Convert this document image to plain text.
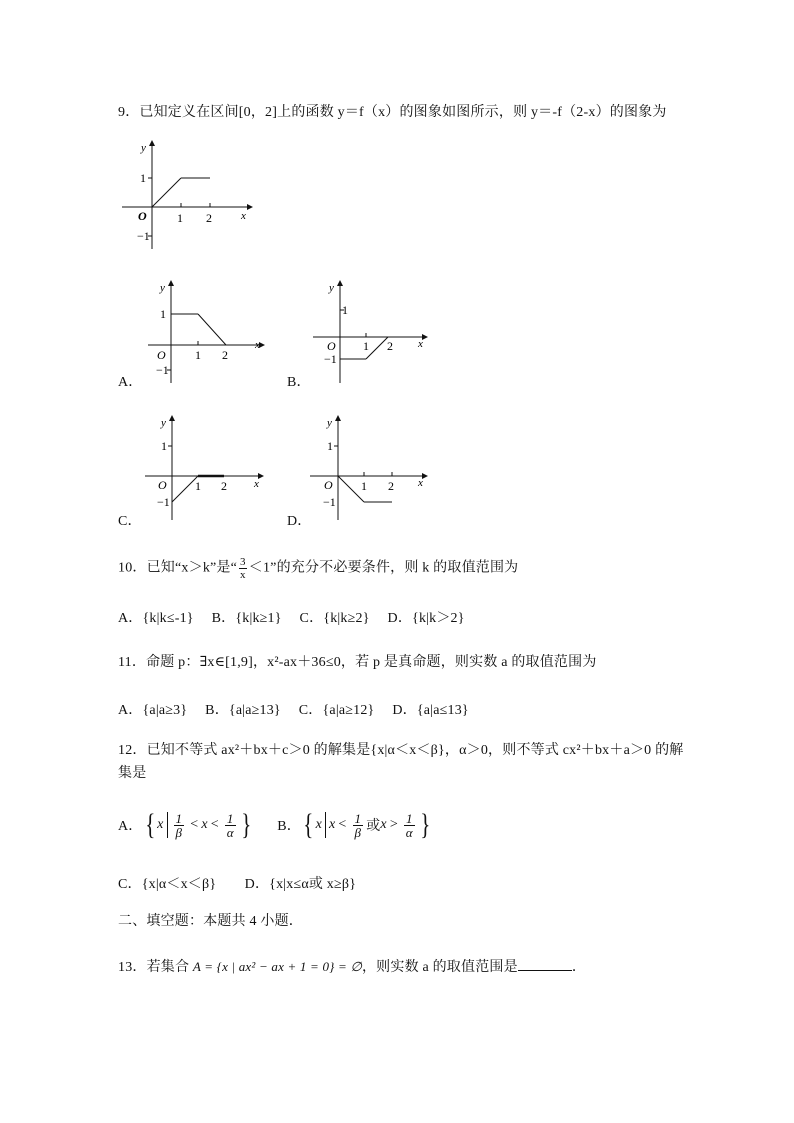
9．已知定义在区间[0，2]上的函数 y＝f（x）的图象如图所示，则 y＝-f（2-x）的图象为
y
x
O
1
−1
1 2
A．
y
x
O
1
−1
1 2
B．
y
x
O
1
−1
1 2
C．
y
x
O
1
−1
1 2
D．
y
x
O
1
−1
1 2
10．已知“x＞k”是“ $\frac{3}{x} <1$”的充分不必要条件，则 k 的取值范围为
A．{k|k≤-1}　 B．{k|k≥1}　 C．{k|k≥2}　 D．{k|k＞2}
11．命题 p：∃x∈[1,9]，x²-ax＋36≤0，若 p 是真命题，则实数 a 的取值范围为
A．{a|a≥3}　 B．{a|a≥13}　 C．{a|a≥12}　 D．{a|a≤13}
12．已知不等式 ax²＋bx＋c＞0 的解集是{x|α＜x＜β}，α＞0，则不等式 cx²＋bx＋a＞0 的解
集是
A． { x 1
β < x < 1
α } B． { x x < 1
β 或 x > 1
α }
C．{x|α＜x＜β}　　D．{x|x≤α或 x≥β}
二、填空题：本题共 4 小题．
13．若集合 A = {x | ax² − ax + 1 = 0} = ∅，则实数 a 的取值范围是	．
